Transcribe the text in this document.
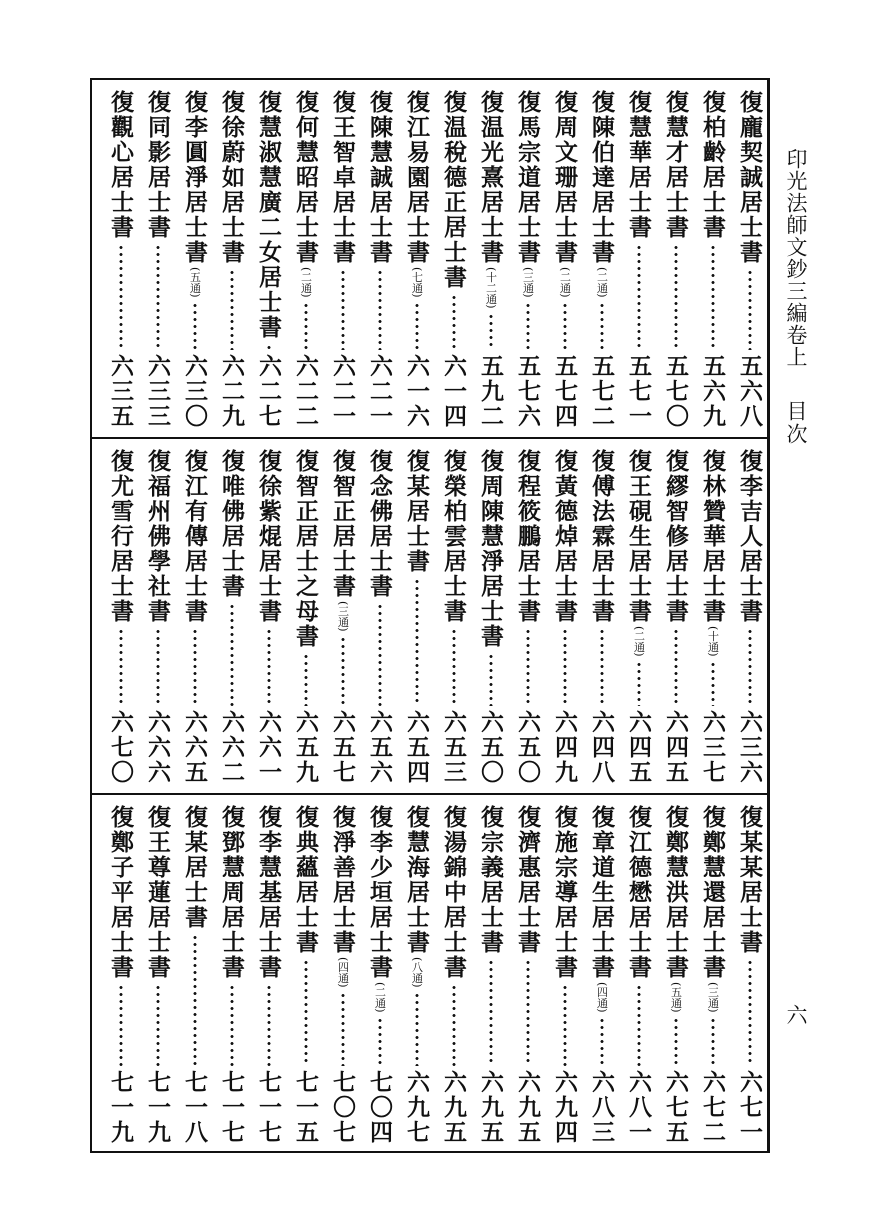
印光法師文鈔三編卷上
目次
六
復龐契誠居士書
五六八
復柏齡居士書
五六九
復慧才居士書
五七〇
復慧華居士書
五七一
復陳伯達居士書
(二通)
五七二
復周文珊居士書
(二通)
五七四
復馬宗道居士書
(三通)
五七六
復温光熹居士書
(十二通)
五九二
復温稅德正居士書
六一四
復江易園居士書
(七通)
六一六
復陳慧誠居士書
六二一
復王智卓居士書
六二一
復何慧昭居士書
(二通)
六二二
復慧淑慧廣二女居士書
六二七
復徐蔚如居士書
六二九
復李圓淨居士書
(五通)
六三〇
復同影居士書
六三三
復觀心居士書
六三五
復李吉人居士書
六三六
復林贊華居士書
(十通)
六三七
復繆智修居士書
六四五
復王硯生居士書
(二通)
六四五
復傅法霖居士書
六四八
復黃德焯居士書
六四九
復程筱鵬居士書
六五〇
復周陳慧淨居士書
六五〇
復榮柏雲居士書
六五三
復某居士書
六五四
復念佛居士書
六五六
復智正居士書
(三通)
六五七
復智正居士之母書
六五九
復徐紫焜居士書
六六一
復唯佛居士書
六六二
復江有傳居士書
六六五
復福州佛學社書
六六六
復尤雪行居士書
六七〇
復某某居士書
六七一
復鄭慧還居士書
(三通)
六七二
復鄭慧洪居士書
(五通)
六七五
復江德懋居士書
六八一
復章道生居士書
(四通)
六八三
復施宗導居士書
六九四
復濟惠居士書
六九五
復宗義居士書
六九五
復湯錦中居士書
六九五
復慧海居士書
(八通)
六九七
復李少垣居士書
(二通)
七〇四
復淨善居士書
(四通)
七〇七
復典蘊居士書
七一五
復李慧基居士書
七一七
復鄧慧周居士書
七一七
復某居士書
七一八
復王尊蓮居士書
七一九
復鄭子平居士書
七一九
